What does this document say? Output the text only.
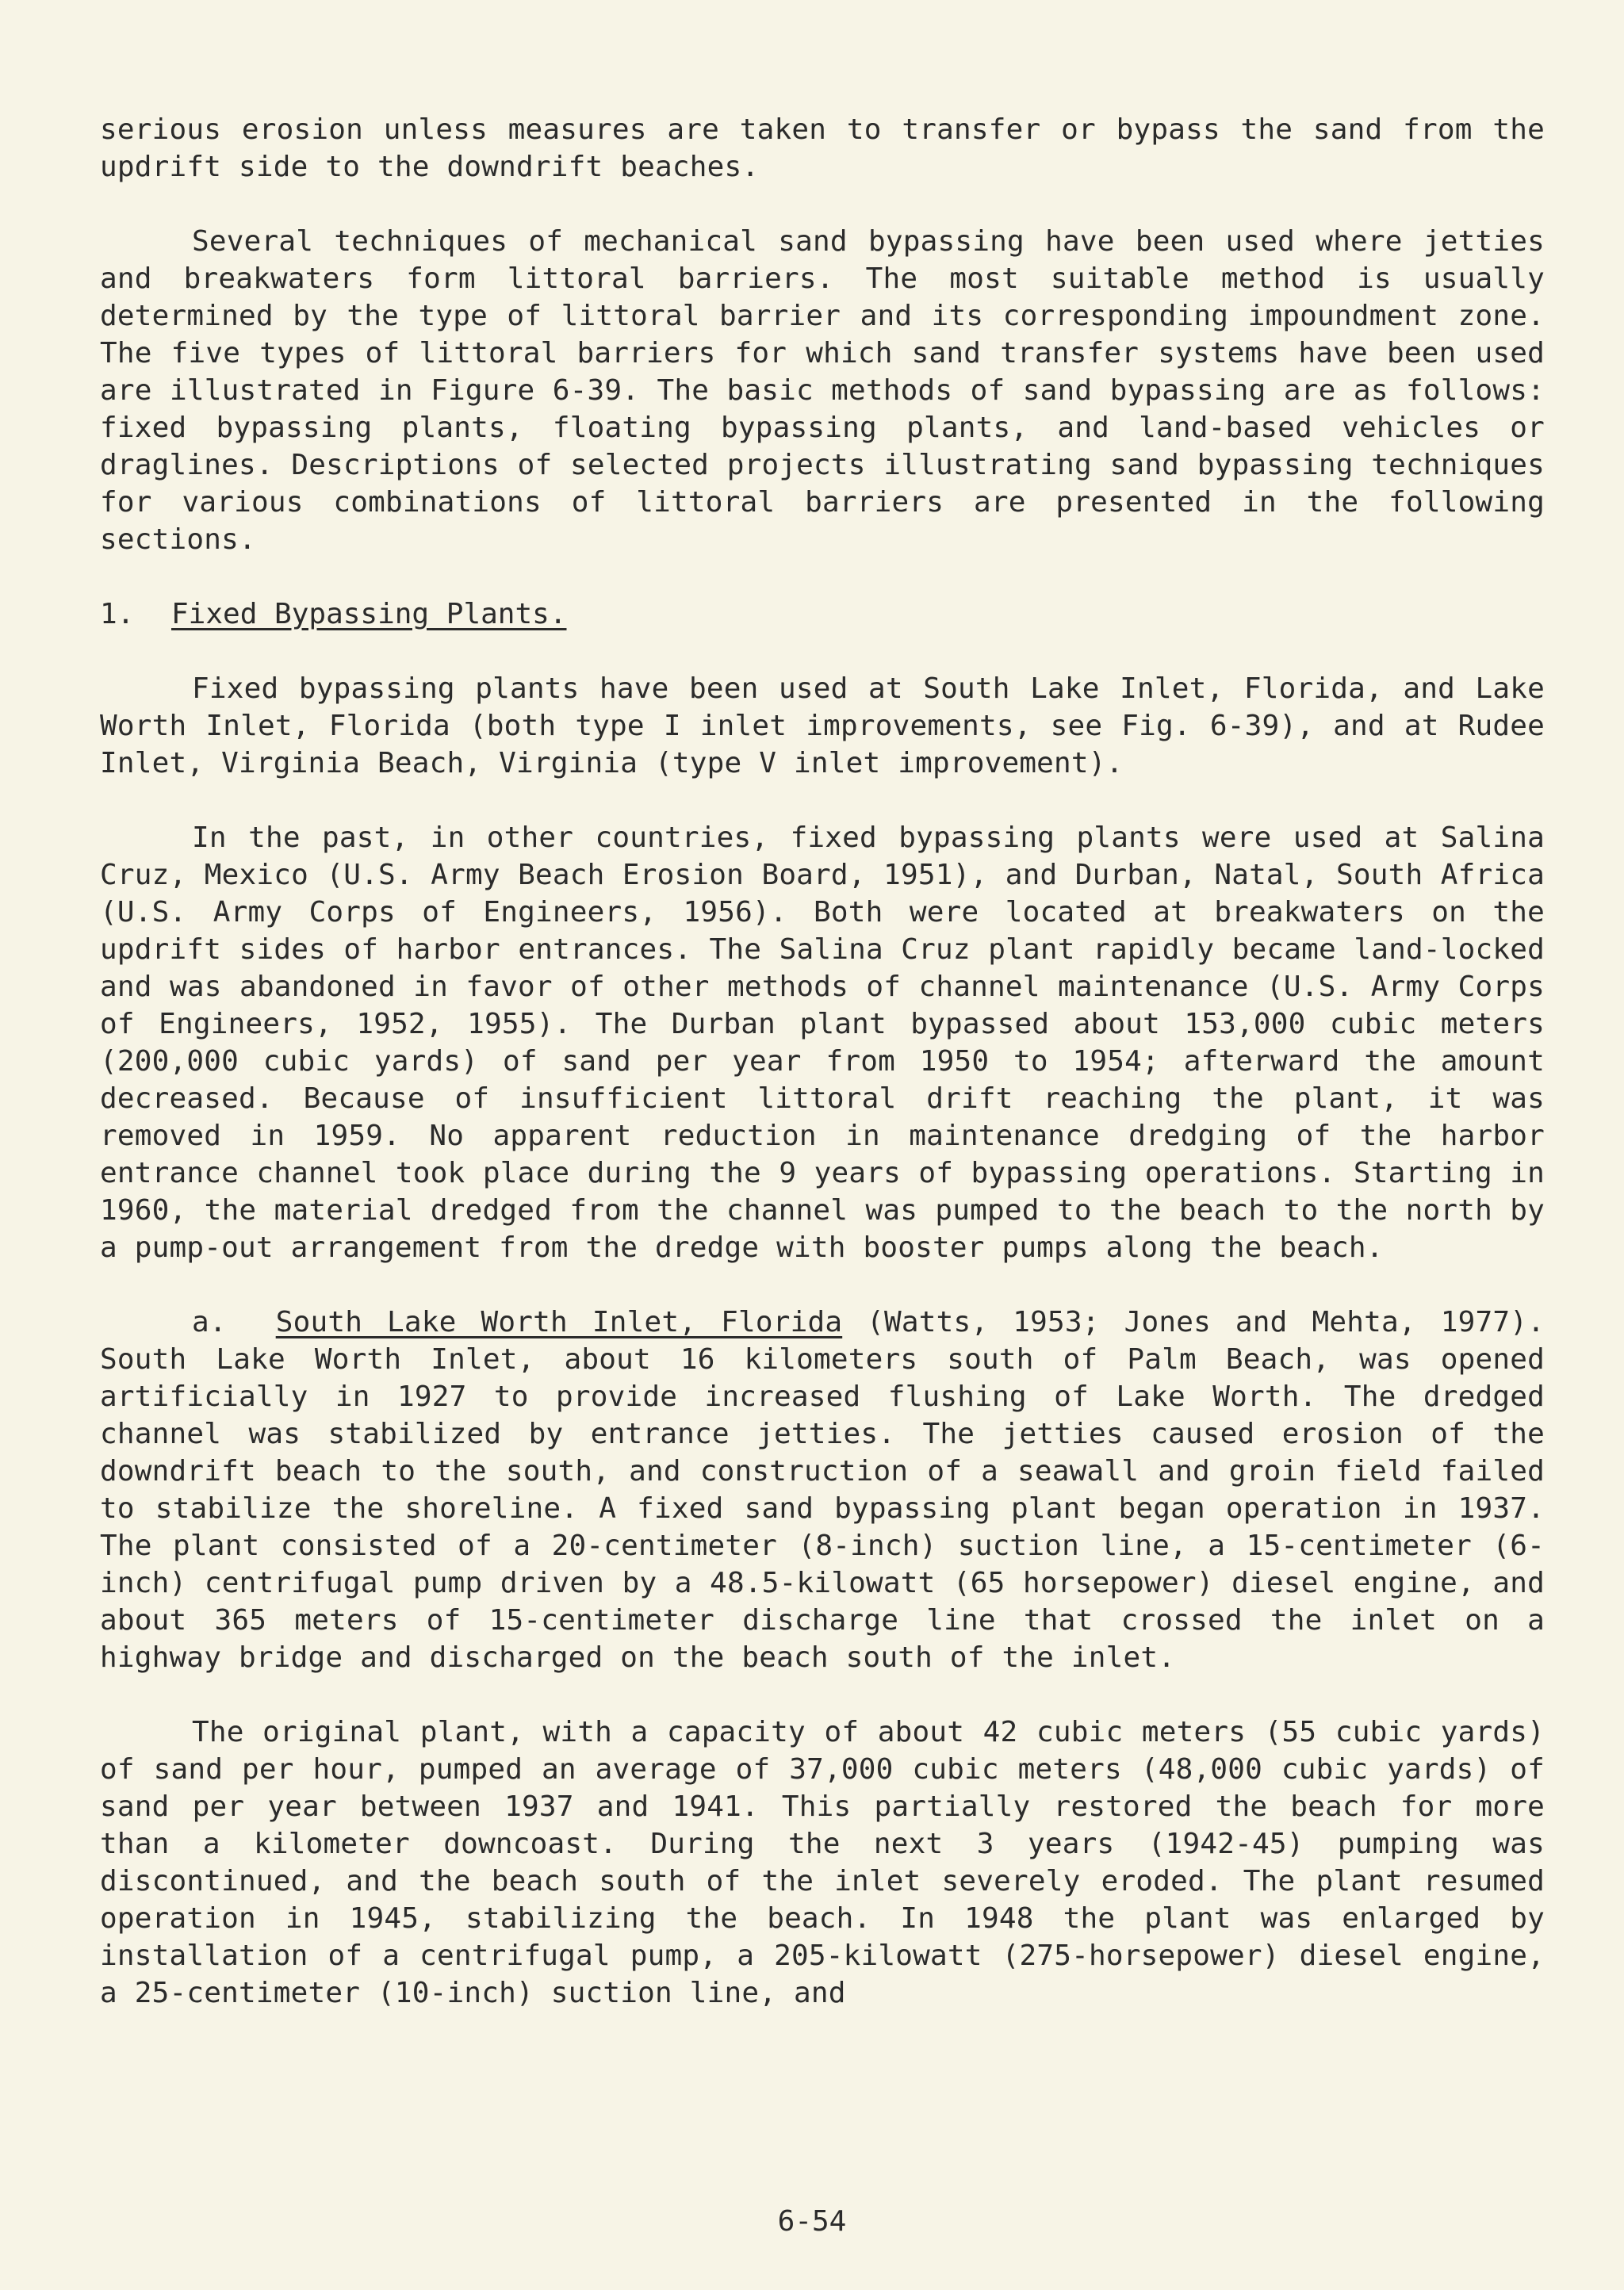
serious erosion unless measures are taken to transfer or bypass the sand from the updrift side to the downdrift beaches.

Several techniques of mechanical sand bypassing have been used where jetties and breakwaters form littoral barriers. The most suitable method is usually determined by the type of littoral barrier and its corresponding impoundment zone. The five types of littoral barriers for which sand transfer systems have been used are illustrated in Figure 6-39. The basic methods of sand bypassing are as follows: fixed bypassing plants, floating bypassing plants, and land-based vehicles or draglines. Descriptions of selected projects illustrating sand bypassing techniques for various combinations of littoral barriers are presented in the following sections.

1. Fixed Bypassing Plants.

Fixed bypassing plants have been used at South Lake Inlet, Florida, and Lake Worth Inlet, Florida (both type I inlet improvements, see Fig. 6-39), and at Rudee Inlet, Virginia Beach, Virginia (type V inlet improvement).

In the past, in other countries, fixed bypassing plants were used at Salina Cruz, Mexico (U.S. Army Beach Erosion Board, 1951), and Durban, Natal, South Africa (U.S. Army Corps of Engineers, 1956). Both were located at breakwaters on the updrift sides of harbor entrances. The Salina Cruz plant rapidly became land-locked and was abandoned in favor of other methods of channel maintenance (U.S. Army Corps of Engineers, 1952, 1955). The Durban plant bypassed about 153,000 cubic meters (200,000 cubic yards) of sand per year from 1950 to 1954; afterward the amount decreased. Because of insufficient littoral drift reaching the plant, it was removed in 1959. No apparent reduction in maintenance dredging of the harbor entrance channel took place during the 9 years of bypassing operations. Starting in 1960, the material dredged from the channel was pumped to the beach to the north by a pump-out arrangement from the dredge with booster pumps along the beach.

a. South Lake Worth Inlet, Florida (Watts, 1953; Jones and Mehta, 1977). South Lake Worth Inlet, about 16 kilometers south of Palm Beach, was opened artificially in 1927 to provide increased flushing of Lake Worth. The dredged channel was stabilized by entrance jetties. The jetties caused erosion of the downdrift beach to the south, and construction of a seawall and groin field failed to stabilize the shoreline. A fixed sand bypassing plant began operation in 1937. The plant consisted of a 20-centimeter (8-inch) suction line, a 15-centimeter (6-inch) centrifugal pump driven by a 48.5-kilowatt (65 horsepower) diesel engine, and about 365 meters of 15-centimeter discharge line that crossed the inlet on a highway bridge and discharged on the beach south of the inlet.

The original plant, with a capacity of about 42 cubic meters (55 cubic yards) of sand per hour, pumped an average of 37,000 cubic meters (48,000 cubic yards) of sand per year between 1937 and 1941. This partially restored the beach for more than a kilometer downcoast. During the next 3 years (1942-45) pumping was discontinued, and the beach south of the inlet severely eroded. The plant resumed operation in 1945, stabilizing the beach. In 1948 the plant was enlarged by installation of a centrifugal pump, a 205-kilowatt (275-horsepower) diesel engine, a 25-centimeter (10-inch) suction line, and

6-54
